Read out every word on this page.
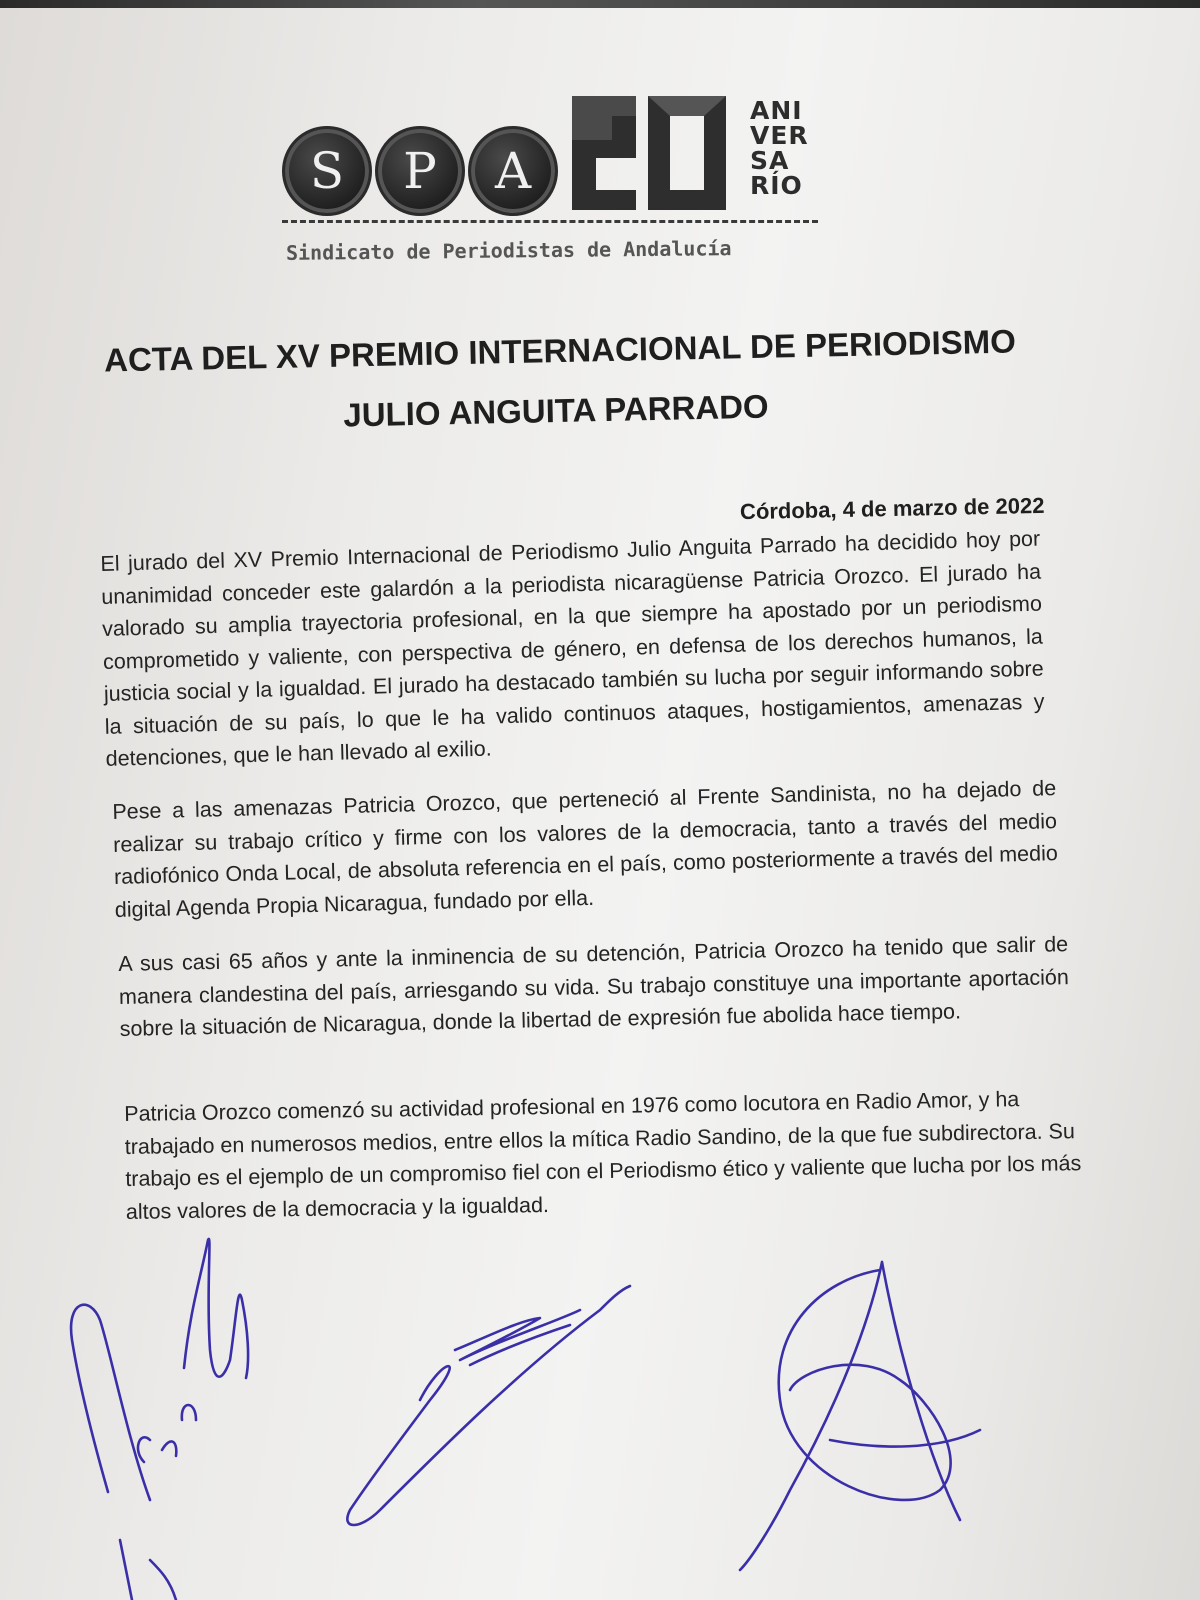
S	P	A
ANI
VER
SA
RÍO
Sindicato de Periodistas de Andalucía
ACTA DEL XV PREMIO INTERNACIONAL DE PERIODISMO
JULIO ANGUITA PARRADO
Córdoba, 4 de marzo de 2022
El jurado del XV Premio Internacional de Periodismo Julio Anguita Parrado ha decidido hoy por unanimidad conceder este galardón a la periodista nicaragüense Patricia Orozco. El jurado ha valorado su amplia trayectoria profesional, en la que siempre ha apostado por un periodismo comprometido y valiente, con perspectiva de género, en defensa de los derechos humanos, la justicia social y la igualdad. El jurado ha destacado también su lucha por seguir informando sobre la situación de su país, lo que le ha valido continuos ataques, hostigamientos, amenazas y detenciones, que le han llevado al exilio.
Pese a las amenazas Patricia Orozco, que perteneció al Frente Sandinista, no ha dejado de realizar su trabajo crítico y firme con los valores de la democracia, tanto a través del medio radiofónico Onda Local, de absoluta referencia en el país, como posteriormente a través del medio digital Agenda Propia Nicaragua, fundado por ella.
A sus casi 65 años y ante la inminencia de su detención, Patricia Orozco ha tenido que salir de manera clandestina del país, arriesgando su vida. Su trabajo constituye una importante aportación sobre la situación de Nicaragua, donde la libertad de expresión fue abolida hace tiempo.
Patricia Orozco comenzó su actividad profesional en 1976 como locutora en Radio Amor, y ha trabajado en numerosos medios, entre ellos la mítica Radio Sandino, de la que fue subdirectora. Su trabajo es el ejemplo de un compromiso fiel con el Periodismo ético y valiente que lucha por los más altos valores de la democracia y la igualdad.
